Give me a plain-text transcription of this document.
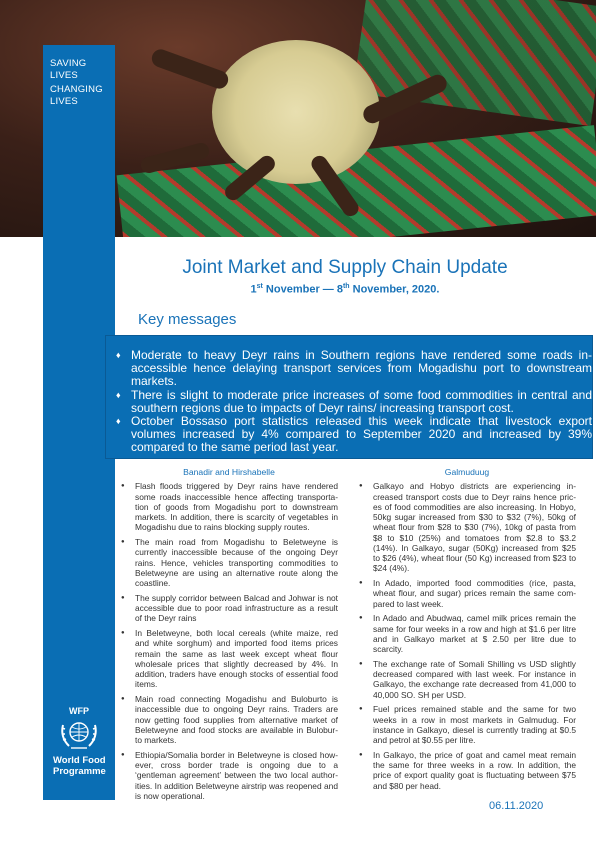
SAVING
LIVES
CHANGING
LIVES
WFP
World Food
Programme
Joint Market and Supply Chain Update
1st November — 8th November, 2020.
Key messages
♦ Moderate to heavy Deyr rains in Southern regions have rendered some roads in-accessible hence delaying transport services from Mogadishu port to downstream markets.
♦ There is slight to moderate price increases of some food commodities in central and southern regions due to impacts of Deyr rains/ increasing transport cost.
♦ October Bossaso port statistics released this week indicate that livestock export volumes increased by 4% compared to September 2020 and increased by 39% compared to the same period last year.
Banadir and Hirshabelle
● Flash floods triggered by Deyr rains have rendered some roads inaccessible hence affecting transporta-tion of goods from Mogadishu port to downstream markets. In addition, there is scarcity of vegetables in Mogadishu due to rains blocking supply routes.
● The main road from Mogadishu to Beletweyne is currently inaccessible because of the ongoing Deyr rains. Hence, vehicles transporting commodities to Beletweyne are using an alternative route along the coastline.
● The supply corridor between Balcad and Johwar is not accessible due to poor road infrastructure as a result of the Deyr rains
● In Beletweyne, both local cereals (white maize, red and white sorghum) and imported food items prices remain the same as last week except wheat flour wholesale prices that slightly decreased by 4%. In addition, traders have enough stocks of essential food items.
● Main road connecting Mogadishu and Buloburto is inaccessible due to ongoing Deyr rains. Traders are now getting food supplies from alternative market of Beletweyne and food stocks are available in Bulobur-to markets.
● Ethiopia/Somalia border in Beletweyne is closed how-ever, cross border trade is ongoing due to a ‘gentleman agreement’ between the two local author-ities. In addition Beletweyne airstrip was reopened and is now operational.
Galmuduug
● Galkayo and Hobyo districts are experiencing in-creased transport costs due to Deyr rains hence pric-es of food commodities are also increasing. In Hobyo, 50kg sugar increased from $30 to $32 (7%), 50kg of wheat flour from $28 to $30 (7%), 10kg of pasta from $8 to $10 (25%) and tomatoes from $2.8 to $3.2 (14%). In Galkayo, sugar (50Kg) increased from $25 to $26 (4%), wheat flour (50 Kg) increased from $23 to $24 (4%).
● In Adado, imported food commodities (rice, pasta, wheat flour, and sugar) prices remain the same com-pared to last week.
● In Adado and Abudwaq, camel milk prices remain the same for four weeks in a row and high at $1.6 per litre and in Galkayo market at $ 2.50 per litre due to scarcity.
● The exchange rate of Somali Shilling vs USD slightly decreased compared with last week. For instance in Galkayo, the exchange rate decreased from 41,000 to 40,000 SO. SH per USD.
● Fuel prices remained stable and the same for two weeks in a row in most markets in Galmudug. For instance in Galkayo, diesel is currently trading at $0.5 and petrol at $0.55 per litre.
● In Galkayo, the price of goat and camel meat remain the same for three weeks in a row. In addition, the price of export quality goat is fluctuating between $75 and $80 per head.
06.11.2020
